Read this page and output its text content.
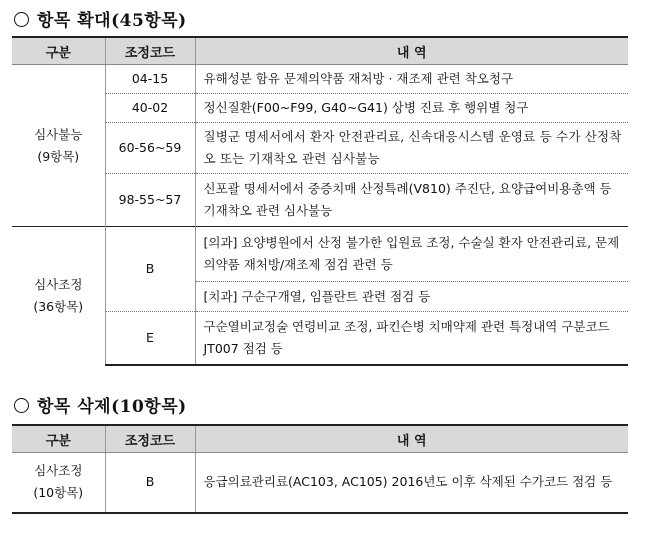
항목 확대(45항목)
구분	조정코드	내 역

심사불능
(9항목)	04-15	유해성분 함유 문제의약품 재처방 · 재조제 관련 착오청구
	40-02	정신질환(F00~F99, G40~G41) 상병 진료 후 행위별 청구
	60-56~59	질병군 명세서에서 환자 안전관리료, 신속대응시스템 운영료 등 수가 산정착오 또는 기재착오 관련 심사불능
	98-55~57	신포괄 명세서에서 중증치매 산정특례(V810) 주진단, 요양급여비용총액 등 기재착오 관련 심사불능

심사조정
(36항목)	B	[의과] 요양병원에서 산정 불가한 입원료 조정, 수술실 환자 안전관리료, 문제의약품 재처방/재조제 점검 관련 등
		[치과] 구순구개열, 임플란트 관련 점검 등
	E	구순열비교정술 연령비교 조정, 파킨슨병 치매약제 관련 특정내역 구분코드 JT007 점검 등
항목 삭제(10항목)
구분	조정코드	내 역

심사조정
(10항목)	B	응급의료관리료(AC103, AC105) 2016년도 이후 삭제된 수가코드 점검 등
